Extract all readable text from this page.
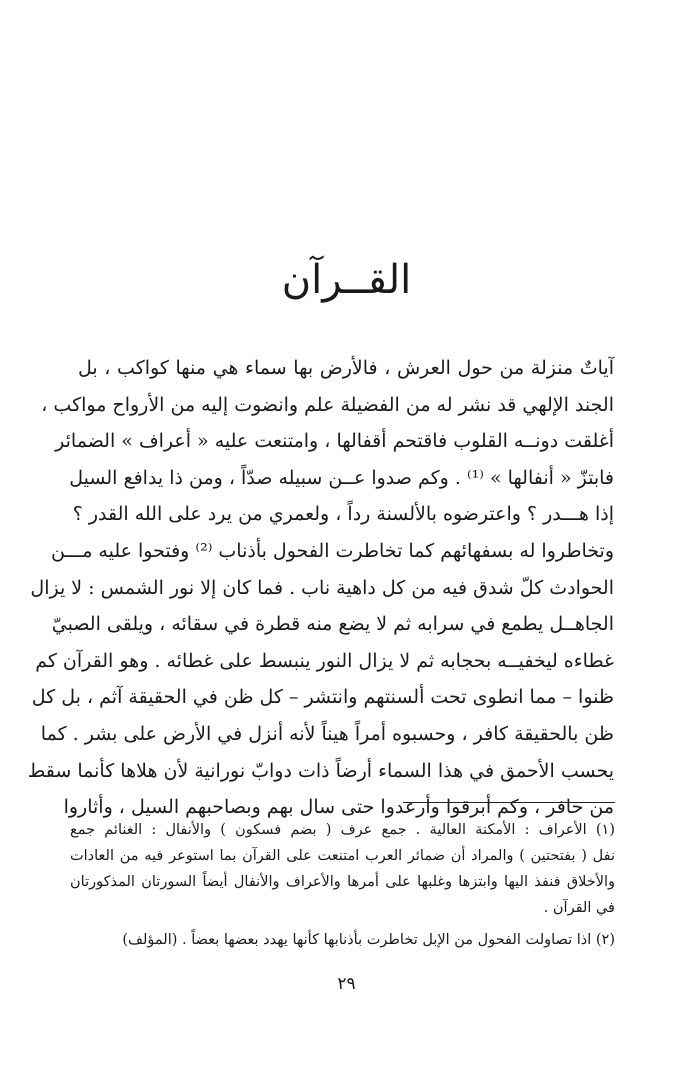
القــرآن
آياتٌ منزلة من حول العرش ، فالأرض بها سماء هي منها كواكب ، بل
الجند الإلهي قد نشر له من الفضيلة علم وانضوت إليه من الأرواح مواكب ،
أغلقت دونــه القلوب فاقتحم أقفالها ، وامتنعت عليه « أعراف » الضمائر
فابتزّ « أنفالها » ⁽¹⁾ . وكم صدوا عــن سبيله صدّاً ، ومن ذا يدافع السيل
إذا هـــدر ؟ واعترضوه بالألسنة رداً ، ولعمري من يرد على الله القدر ؟
وتخاطروا له بسفهائهم كما تخاطرت الفحول بأذناب ⁽²⁾ وفتحوا عليه مـــن
الحوادث كلّ شدق فيه من كل داهية ناب . فما كان إلا نور الشمس : لا يزال
الجاهــل يطمع في سرابه ثم لا يضع منه قطرة في سقائه ، ويلقى الصبيّ
غطاءه ليخفيــه بحجابه ثم لا يزال النور ينبسط على غطائه . وهو القرآن كم
ظنوا – مما انطوى تحت ألسنتهم وانتشر – كل ظن في الحقيقة آثم ، بل كل
ظن بالحقيقة كافر ، وحسبوه أمراً هيناً لأنه أنزل في الأرض على بشر . كما
يحسب الأحمق في هذا السماء أرضاً ذات دوابّ نورانية لأن هلاها كأنما سقط
من حافر ، وكم أبرقوا وأرعدوا حتى سال بهم وبصاحبهم السيل ، وأثاروا
(١) الأعراف : الأمكنة العالية . جمع عرف ( بضم فسكون ) والأنفال : الغنائم جمع
نفل ( بفتحتين ) والمراد أن ضمائر العرب امتنعت على القرآن بما استوعر فيه من العادات
والأخلاق فنفذ اليها وابتزها وغلبها على أمرها والأعراف والأنفال أيضاً السورتان المذكورتان
في القرآن .
(٢) اذا تصاولت الفحول من الإبل تخاطرت بأذنابها كأنها يهدد بعضها بعضاً . (المؤلف)
٢٩
